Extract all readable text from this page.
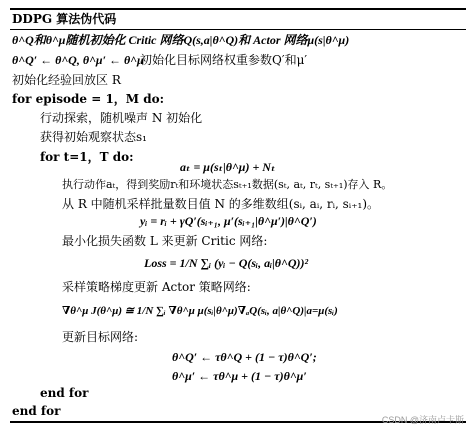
DDPG 算法伪代码
θ^Q和θ^μ随机初始化 Critic 网络Q(s,a|θ^Q)和 Actor 网络μ(s|θ^μ)
θ^Q′ ← θ^Q, θ^μ′ ← θ^μ
初始化目标网络权重参数Q′和μ′
初始化经验回放区 R
for episode = 1，M do:
行动探索，随机噪声 N 初始化
获得初始观察状态s₁
for t=1，T do:
aₜ = μ(sₜ|θ^μ) + Nₜ
执行动作aₜ，得到奖励rₜ和环境状态sₜ₊₁数据(sₜ, aₜ, rₜ, sₜ₊₁)存入 R。
从 R 中随机采样批量数目值 N 的多维数组(sᵢ, aᵢ, rᵢ, sᵢ₊₁)。
yᵢ = rᵢ + γQ′(sᵢ₊₁, μ′(sᵢ₊₁|θ^μ′)|θ^Q′)
最小化损失函数 L 来更新 Critic 网络:
Loss = 1/N ∑ᵢ (yᵢ − Q(sᵢ, aᵢ|θ^Q))²
采样策略梯度更新 Actor 策略网络:
∇θ^μ J(θ^μ) ≅ 1/N ∑ᵢ ∇θ^μ μ(sᵢ|θ^μ)∇ₐQ(sᵢ, a|θ^Q)|a=μ(sᵢ)
更新目标网络:
θ^Q′ ← τθ^Q + (1 − τ)θ^Q′;
θ^μ′ ← τθ^μ + (1 − τ)θ^μ′
end for
end for
CSDN @济南卢卡斯
